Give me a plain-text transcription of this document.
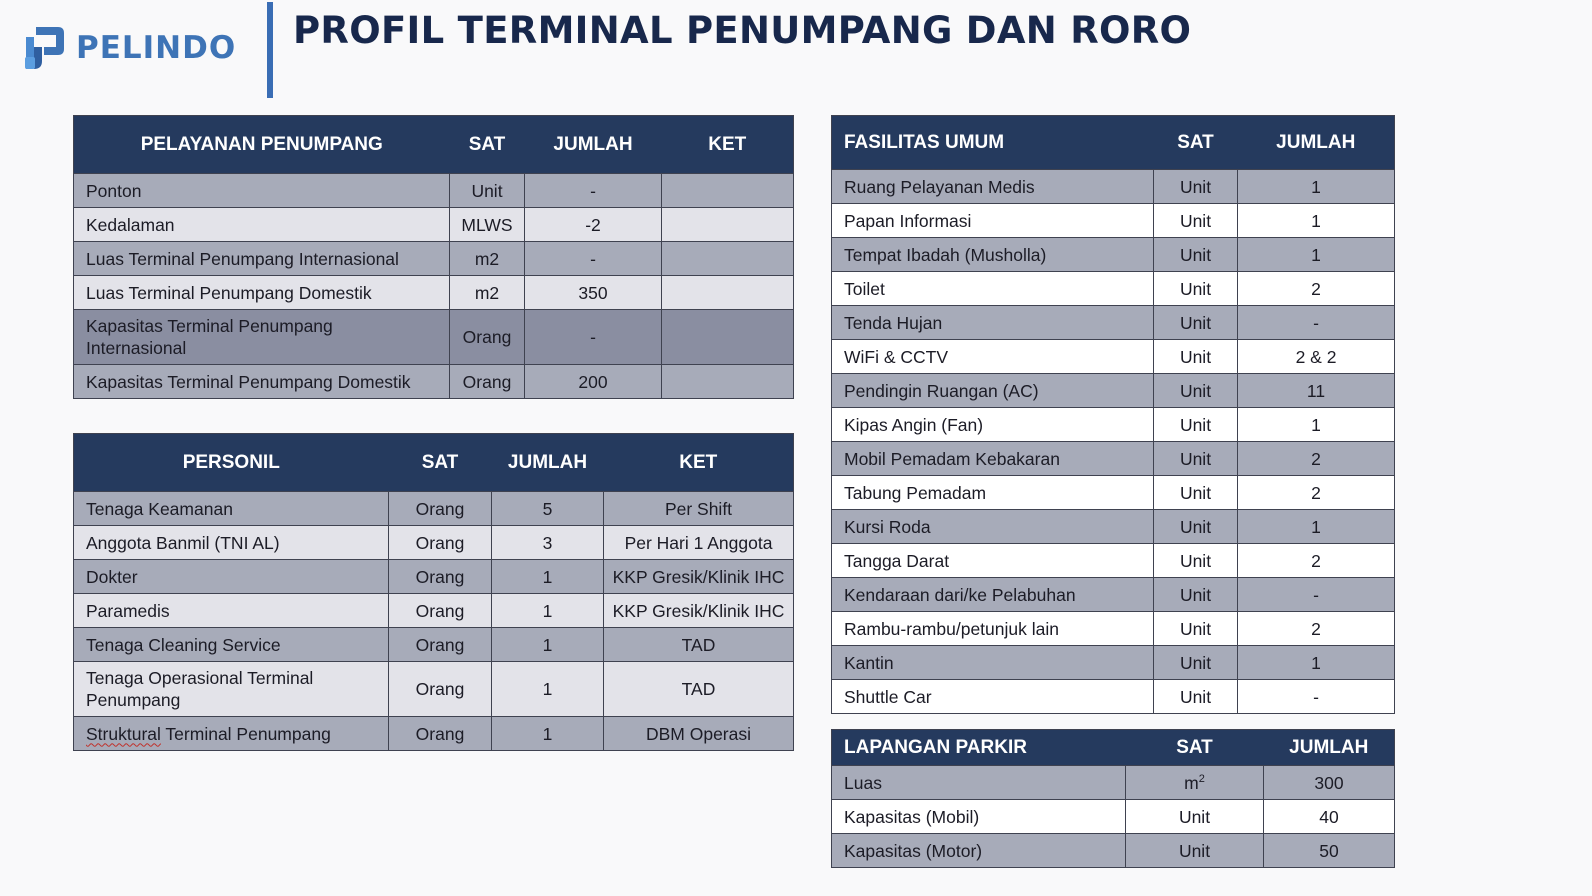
PELINDO PROFIL TERMINAL PENUMPANG DAN RORO
PELAYANAN PENUMPANG	SAT	JUMLAH	KET
Ponton	Unit	-	
Kedalaman	MLWS	-2	
Luas Terminal Penumpang Internasional	m2	-	
Luas Terminal Penumpang Domestik	m2	350	
Kapasitas Terminal Penumpang Internasional	Orang	-	
Kapasitas Terminal Penumpang Domestik	Orang	200	
PERSONIL	SAT	JUMLAH	KET
Tenaga Keamanan	Orang	5	Per Shift
Anggota Banmil (TNI AL)	Orang	3	Per Hari 1 Anggota
Dokter	Orang	1	KKP Gresik/Klinik IHC
Paramedis	Orang	1	KKP Gresik/Klinik IHC
Tenaga Cleaning Service	Orang	1	TAD
Tenaga Operasional Terminal Penumpang	Orang	1	TAD
Struktural Terminal Penumpang	Orang	1	DBM Operasi
FASILITAS UMUM	SAT	JUMLAH
Ruang Pelayanan Medis	Unit	1
Papan Informasi	Unit	1
Tempat Ibadah (Musholla)	Unit	1
Toilet	Unit	2
Tenda Hujan	Unit	-
WiFi & CCTV	Unit	2 & 2
Pendingin Ruangan (AC)	Unit	11
Kipas Angin (Fan)	Unit	1
Mobil Pemadam Kebakaran	Unit	2
Tabung Pemadam	Unit	2
Kursi Roda	Unit	1
Tangga Darat	Unit	2
Kendaraan dari/ke Pelabuhan	Unit	-
Rambu-rambu/petunjuk lain	Unit	2
Kantin	Unit	1
Shuttle Car	Unit	-
LAPANGAN PARKIR	SAT	JUMLAH
Luas	$m^2$	300
Kapasitas (Mobil)	Unit	40
Kapasitas (Motor)	Unit	50
